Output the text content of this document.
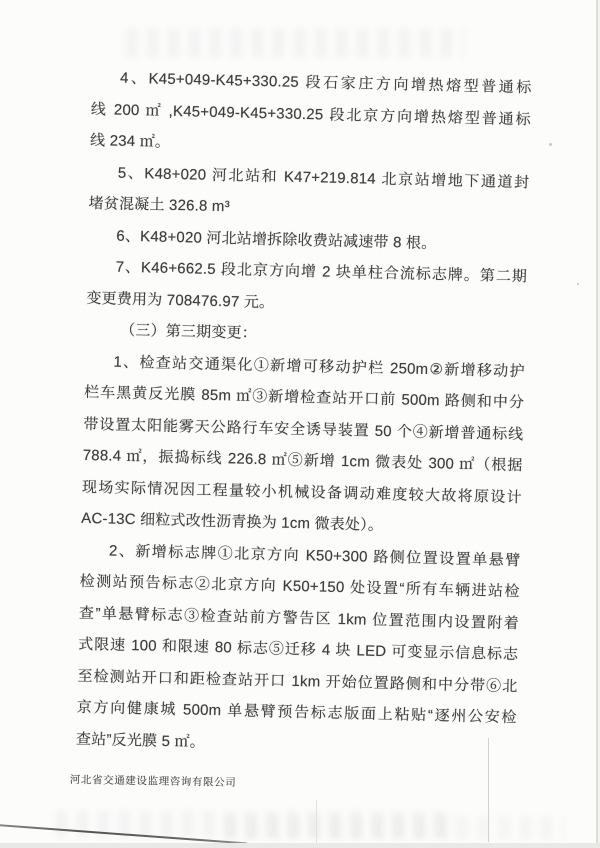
4、K45+049-K45+330.25 段石家庄方向增热熔型普通标
线 200 ㎡ ,K45+049-K45+330.25 段北京方向增热熔型普通标
线 234 ㎡。
5、K48+020 河北站和 K47+219.814 北京站增地下通道封
堵贫混凝土 326.8 m³
6、K48+020 河北站增拆除收费站减速带 8 根。
7、K46+662.5 段北京方向增 2 块单柱合流标志牌。第二期
变更费用为 708476.97 元。
（三）第三期变更：
1、检查站交通渠化①新增可移动护栏 250m②新增移动护
栏车黑黄反光膜 85m ㎡③新增检查站开口前 500m 路侧和中分
带设置太阳能雾天公路行车安全诱导装置 50 个④新增普通标线
788.4 ㎡，振捣标线 226.8 ㎡⑤新增 1cm 微表处 300 ㎡（根据
现场实际情况因工程量较小机械设备调动难度较大故将原设计
AC-13C 细粒式改性沥青换为 1cm 微表处）。
2、新增标志牌①北京方向 K50+300 路侧位置设置单悬臂
检测站预告标志②北京方向 K50+150 处设置“所有车辆进站检
查”单悬臂标志③检查站前方警告区 1km 位置范围内设置附着
式限速 100 和限速 80 标志⑤迁移 4 块 LED 可变显示信息标志
至检测站开口和距检查站开口 1km 开始位置路侧和中分带⑥北
京方向健康城 500m 单悬臂预告标志版面上粘贴“逐州公安检
查站”反光膜 5 ㎡。
河北省交通建设监理咨询有限公司
